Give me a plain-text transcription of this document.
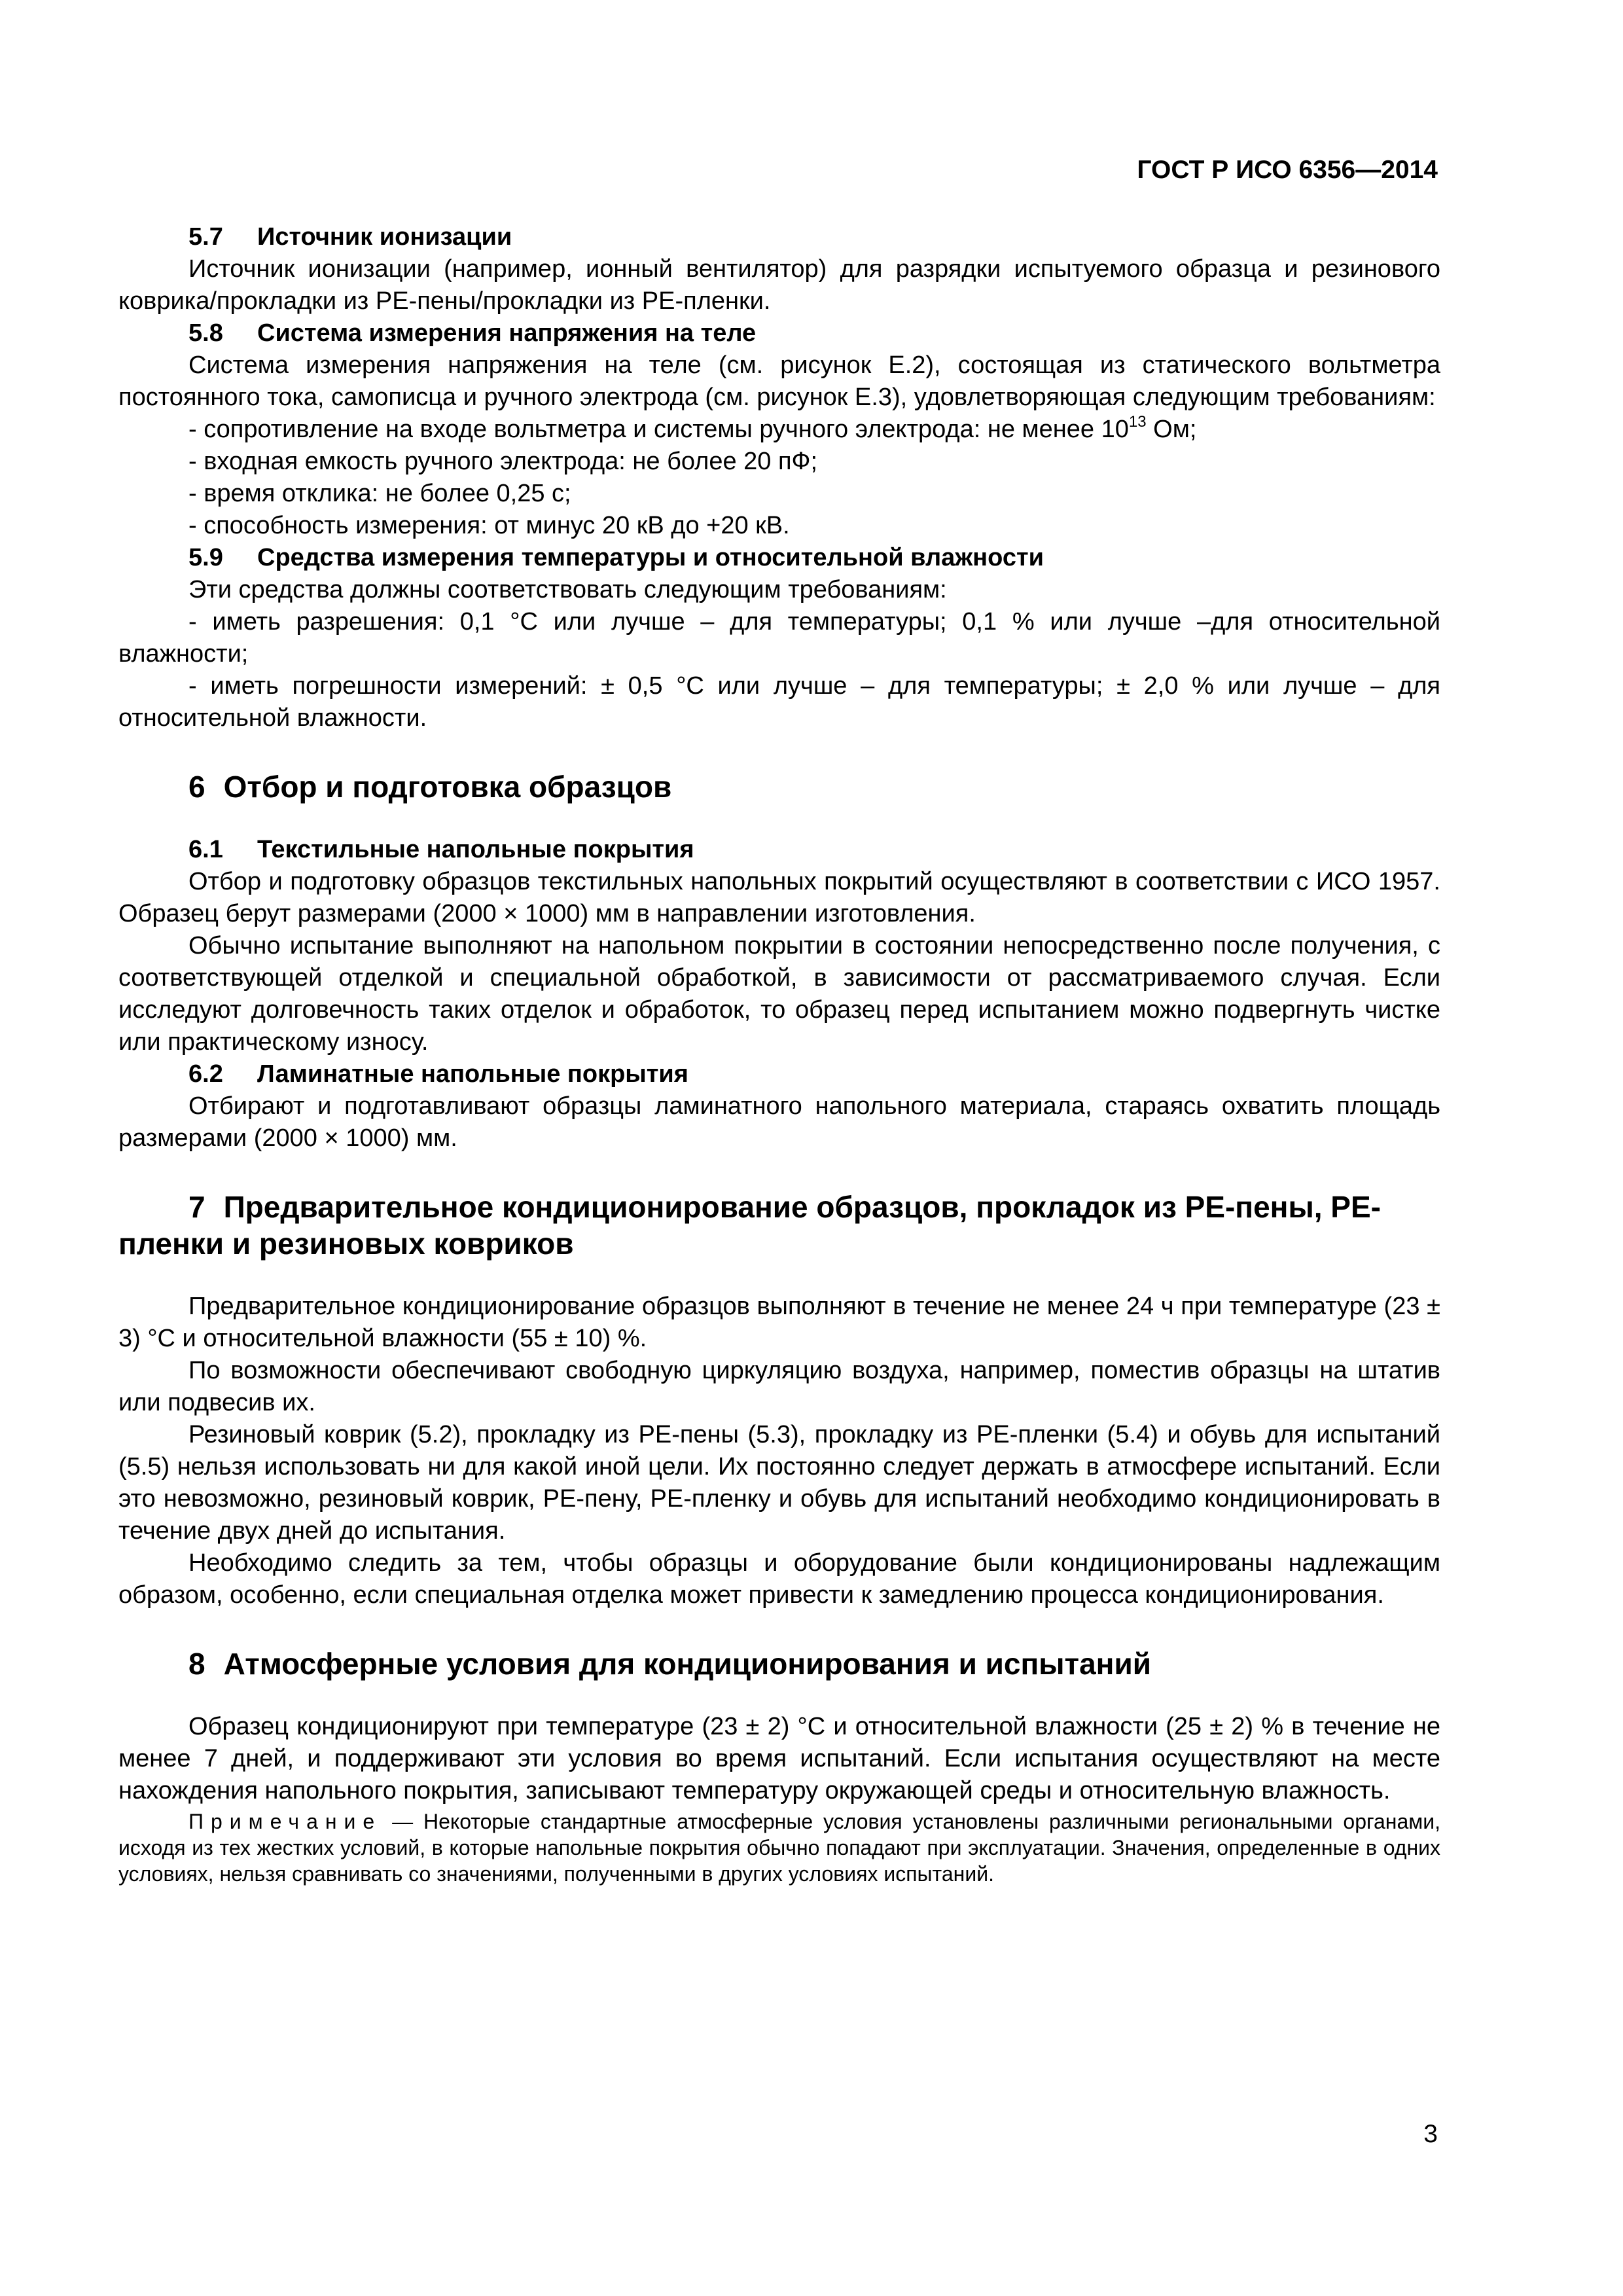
ГОСТ Р ИСО 6356—2014
5.7 Источник ионизации

Источник ионизации (например, ионный вентилятор) для разрядки испытуемого образца и резинового коврика/прокладки из PE-пены/прокладки из PE-пленки.

5.8 Система измерения напряжения на теле

Система измерения напряжения на теле (см. рисунок Е.2), состоящая из статического вольтметра постоянного тока, самописца и ручного электрода (см. рисунок Е.3), удовлетворяющая следующим требованиям:

- сопротивление на входе вольтметра и системы ручного электрода: не менее $10^{13}$ Ом;

- входная емкость ручного электрода: не более 20 пФ;

- время отклика: не более 0,25 с;

- способность измерения: от минус 20 кВ до +20 кВ.

5.9 Средства измерения температуры и относительной влажности

Эти средства должны соответствовать следующим требованиям:

- иметь разрешения: 0,1 °С или лучше – для температуры; 0,1 % или лучше –для относительной влажности;

- иметь погрешности измерений: ± 0,5 °С или лучше – для температуры; ± 2,0 % или лучше – для относительной влажности.

6 Отбор и подготовка образцов
6.1 Текстильные напольные покрытия

Отбор и подготовку образцов текстильных напольных покрытий осуществляют в соответствии с ИСО 1957. Образец берут размерами (2000 × 1000) мм в направлении изготовления.

Обычно испытание выполняют на напольном покрытии в состоянии непосредственно после получения, с соответствующей отделкой и специальной обработкой, в зависимости от рассматриваемого случая. Если исследуют долговечность таких отделок и обработок, то образец перед испытанием можно подвергнуть чистке или практическому износу.

6.2 Ламинатные напольные покрытия

Отбирают и подготавливают образцы ламинатного напольного материала, стараясь охватить площадь размерами (2000 × 1000) мм.

7 Предварительное кондиционирование образцов, прокладок из PE-пены, PE-пленки и резиновых ковриков

Предварительное кондиционирование образцов выполняют в течение не менее 24 ч при температуре (23 ± 3) °С и относительной влажности (55 ± 10) %.

По возможности обеспечивают свободную циркуляцию воздуха, например, поместив образцы на штатив или подвесив их.

Резиновый коврик (5.2), прокладку из PE-пены (5.3), прокладку из PE-пленки (5.4) и обувь для испытаний (5.5) нельзя использовать ни для какой иной цели. Их постоянно следует держать в атмосфере испытаний. Если это невозможно, резиновый коврик, PE-пену, PE-пленку и обувь для испытаний необходимо кондиционировать в течение двух дней до испытания.

Необходимо следить за тем, чтобы образцы и оборудование были кондиционированы надлежащим образом, особенно, если специальная отделка может привести к замедлению процесса кондиционирования.

8 Атмосферные условия для кондиционирования и испытаний

Образец кондиционируют при температуре (23 ± 2) °С и относительной влажности (25 ± 2) % в течение не менее 7 дней, и поддерживают эти условия во время испытаний. Если испытания осуществляют на месте нахождения напольного покрытия, записывают температуру окружающей среды и относительную влажность.

Примечание — Некоторые стандартные атмосферные условия установлены различными региональными органами, исходя из тех жестких условий, в которые напольные покрытия обычно попадают при эксплуатации. Значения, определенные в одних условиях, нельзя сравнивать со значениями, полученными в других условиях испытаний.

3
